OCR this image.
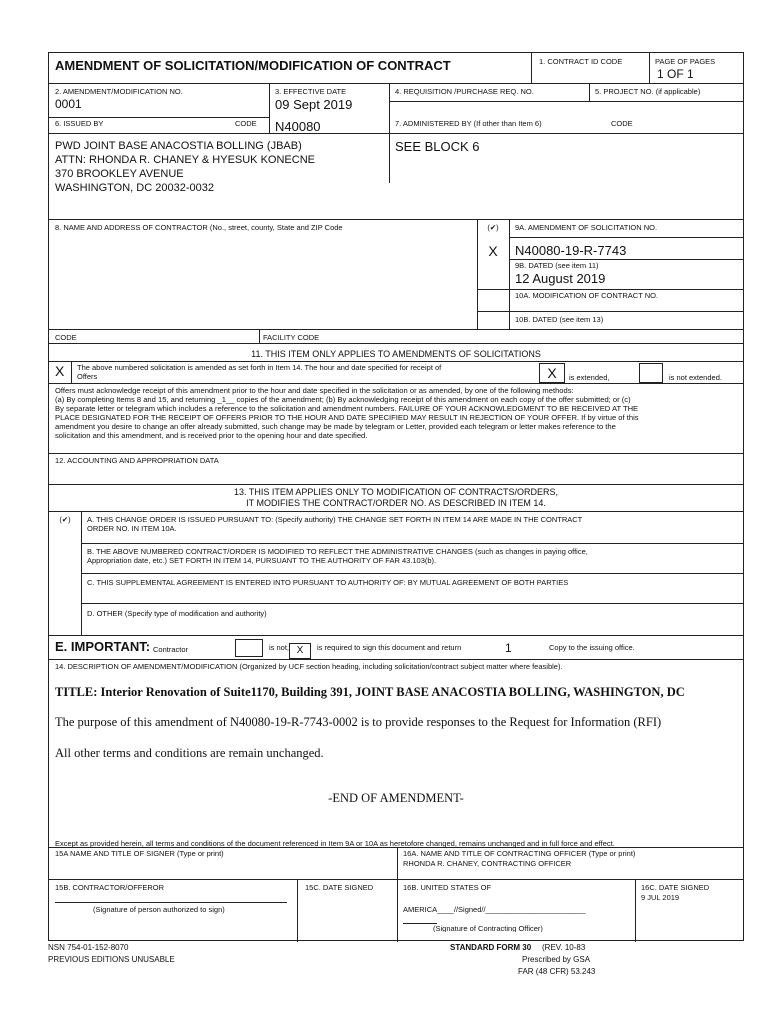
AMENDMENT OF SOLICITATION/MODIFICATION OF CONTRACT	1. CONTRACT ID CODE	PAGE OF PAGES
1 OF 1
2. AMENDMENT/MODIFICATION NO.
0001
3. EFFECTIVE DATE
09 Sept 2019
4. REQUISITION /PURCHASE REQ. NO.	5. PROJECT NO. (if applicable)
6. ISSUED BY	CODE N40080	7. ADMINISTERED BY (If other than Item 6)	CODE
PWD JOINT BASE ANACOSTIA BOLLING (JBAB)
ATTN: RHONDA R. CHANEY & HYESUK KONECNE
370 BROOKLEY AVENUE
WASHINGTON, DC 20032-0032
SEE BLOCK 6
8. NAME AND ADDRESS OF CONTRACTOR (No., street, county, State and ZIP Code	(✔)
X
9A. AMENDMENT OF SOLICITATION NO.
N40080-19-R-7743
9B. DATED (see item 11)
12 August 2019
10A. MODIFICATION OF CONTRACT NO.
10B. DATED (see item 13)
CODE	FACILITY CODE
11. THIS ITEM ONLY APPLIES TO AMENDMENTS OF SOLICITATIONS
X The above numbered solicitation is amended as set forth in Item 14. The hour and date specified for receipt of
Offers	X	is extended,	is not extended.
Offers must acknowledge receipt of this amendment prior to the hour and date specified in the solicitation or as amended, by one of the following methods:
(a) By completing Items 8 and 15, and returning _1__ copies of the amendment; (b) By acknowledging receipt of this amendment on each copy of the offer submitted; or (c)
By separate letter or telegram which includes a reference to the solicitation and amendment numbers. FAILURE OF YOUR ACKNOWLEDGMENT TO BE RECEIVED AT THE
PLACE DESIGNATED FOR THE RECEIPT OF OFFERS PRIOR TO THE HOUR AND DATE SPECIFIED MAY RESULT IN REJECTION OF YOUR OFFER. If by virtue of this
amendment you desire to change an offer already submitted, such change may be made by telegram or Letter, provided each telegram or letter makes reference to the
solicitation and this amendment, and is received prior to the opening hour and date specified.
12. ACCOUNTING AND APPROPRIATION DATA
13. THIS ITEM APPLIES ONLY TO MODIFICATION OF CONTRACTS/ORDERS,
IT MODIFIES THE CONTRACT/ORDER NO. AS DESCRIBED IN ITEM 14.
(✔)	A. THIS CHANGE ORDER IS ISSUED PURSUANT TO: (Specify authority) THE CHANGE SET FORTH IN ITEM 14 ARE MADE IN THE CONTRACT
ORDER NO. IN ITEM 10A.
B. THE ABOVE NUMBERED CONTRACT/ORDER IS MODIFIED TO REFLECT THE ADMINISTRATIVE CHANGES (such as changes in paying office,
Appropriation date, etc.) SET FORTH IN ITEM 14, PURSUANT TO THE AUTHORITY OF FAR 43.103(b).
C. THIS SUPPLEMENTAL AGREEMENT IS ENTERED INTO PURSUANT TO AUTHORITY OF: BY MUTUAL AGREEMENT OF BOTH PARTIES
D. OTHER (Specify type of modification and authority)
E. IMPORTANT: Contractor	is not, X	is required to sign this document and return	1	Copy to the issuing office.
14. DESCRIPTION OF AMENDMENT/MODIFICATION (Organized by UCF section heading, including solicitation/contract subject matter where feasible).
TITLE: Interior Renovation of Suite1170, Building 391, JOINT BASE ANACOSTIA BOLLING, WASHINGTON, DC
The purpose of this amendment of N40080-19-R-7743-0002 is to provide responses to the Request for Information (RFI)
All other terms and conditions are remain unchanged.
-END OF AMENDMENT-
Except as provided herein, all terms and conditions of the document referenced in Item 9A or 10A as heretofore changed, remains unchanged and in full force and effect.
15A NAME AND TITLE OF SIGNER (Type or print)	16A. NAME AND TITLE OF CONTRACTING OFFICER (Type or print)
RHONDA R. CHANEY, CONTRACTING OFFICER
15B. CONTRACTOR/OFFEROR
(Signature of person authorized to sign)
15C. DATE SIGNED	16B. UNITED STATES OF
AMERICA____//Signed//________________________
(Signature of Contracting Officer)
16C. DATE SIGNED
9 JUL 2019
NSN 754-01-152-8070
PREVIOUS EDITIONS UNUSABLE
STANDARD FORM 30 (REV. 10-83
Prescribed by GSA
FAR (48 CFR) 53.243
